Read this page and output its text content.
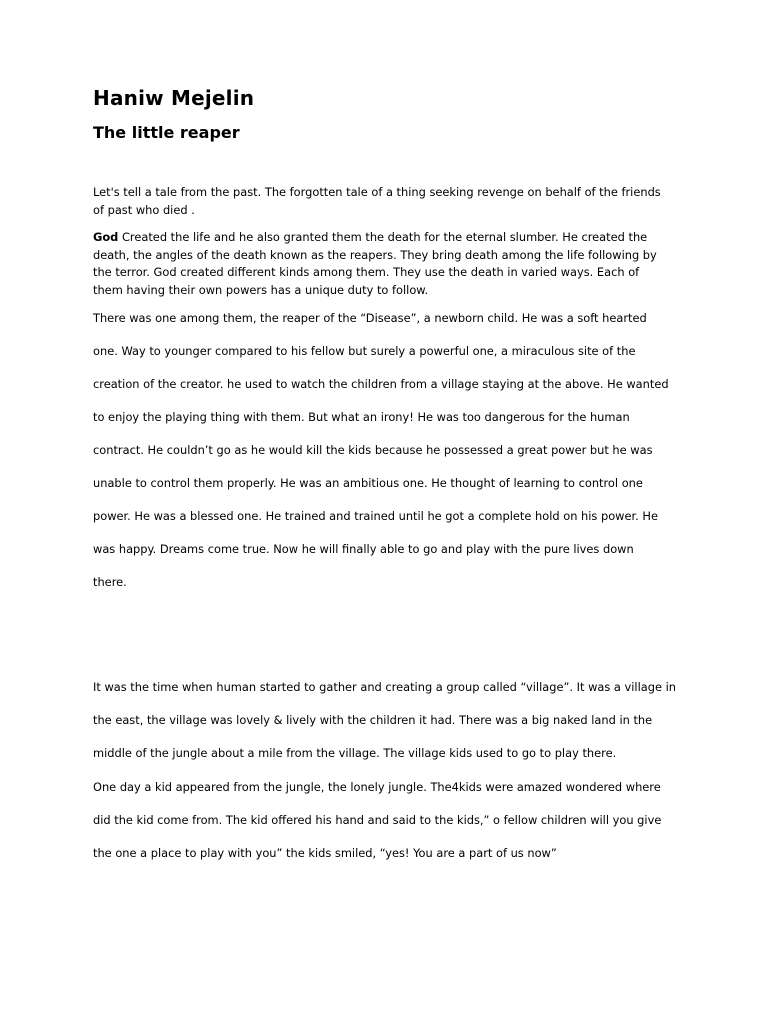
Haniw Mejelin
The little reaper

Let's tell a tale from the past. The forgotten tale of a thing seeking revenge on behalf of the friends
of past who died .

God Created the life and he also granted them the death for the eternal slumber. He created the
death, the angles of the death known as the reapers. They bring death among the life following by
the terror. God created different kinds among them. They use the death in varied ways. Each of
them having their own powers has a unique duty to follow.

There was one among them, the reaper of the “Disease”, a newborn child. He was a soft hearted
one. Way to younger compared to his fellow but surely a powerful one, a miraculous site of the
creation of the creator. he used to watch the children from a village staying at the above. He wanted
to enjoy the playing thing with them. But what an irony! He was too dangerous for the human
contract. He couldn’t go as he would kill the kids because he possessed a great power but he was
unable to control them properly. He was an ambitious one. He thought of learning to control one
power. He was a blessed one. He trained and trained until he got a complete hold on his power. He
was happy. Dreams come true. Now he will finally able to go and play with the pure lives down
there.

It was the time when human started to gather and creating a group called “village”. It was a village in
the east, the village was lovely & lively with the children it had. There was a big naked land in the
middle of the jungle about a mile from the village. The village kids used to go to play there.

One day a kid appeared from the jungle, the lonely jungle. The4kids were amazed wondered where
did the kid come from. The kid offered his hand and said to the kids,” o fellow children will you give
the one a place to play with you” the kids smiled, “yes! You are a part of us now”
